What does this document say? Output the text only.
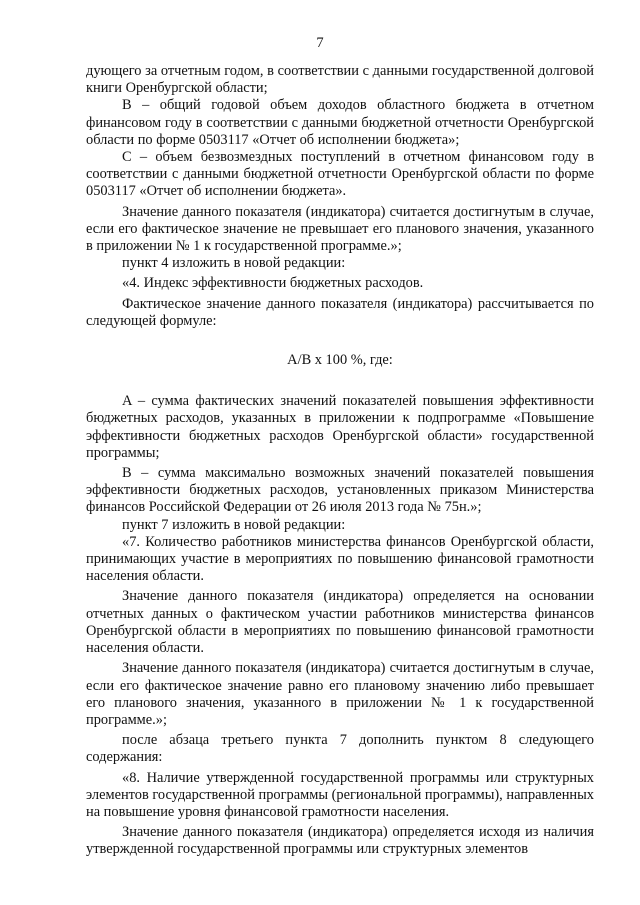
7

дующего за отчетным годом, в соответствии с данными государственной долговой книги Оренбургской области;

B – общий годовой объем доходов областного бюджета в отчетном финансовом году в соответствии с данными бюджетной отчетности Оренбургской области по форме 0503117 «Отчет об исполнении бюджета»;

C – объем безвозмездных поступлений в отчетном финансовом году в соответствии с данными бюджетной отчетности Оренбургской области по форме 0503117 «Отчет об исполнении бюджета».

Значение данного показателя (индикатора) считается достигнутым в случае, если его фактическое значение не превышает его планового значения, указанного в приложении № 1 к государственной программе.»;

пункт 4 изложить в новой редакции:

«4. Индекс эффективности бюджетных расходов.

Фактическое значение данного показателя (индикатора) рассчитывается по следующей формуле:

A/B x 100 %, где:

A – сумма фактических значений показателей повышения эффективности бюджетных расходов, указанных в приложении к подпрограмме «Повышение эффективности бюджетных расходов Оренбургской области» государственной программы;

B – сумма максимально возможных значений показателей повышения эффективности бюджетных расходов, установленных приказом Министерства финансов Российской Федерации от 26 июля 2013 года № 75н.»;

пункт 7 изложить в новой редакции:

«7. Количество работников министерства финансов Оренбургской области, принимающих участие в мероприятиях по повышению финансовой грамотности населения области.

Значение данного показателя (индикатора) определяется на основании отчетных данных о фактическом участии работников министерства финансов Оренбургской области в мероприятиях по повышению финансовой грамотности населения области.

Значение данного показателя (индикатора) считается достигнутым в случае, если его фактическое значение равно его плановому значению либо превышает его планового значения, указанного в приложении № 1 к государственной программе.»;

после абзаца третьего пункта 7 дополнить пунктом 8 следующего содержания:

«8. Наличие утвержденной государственной программы или структурных элементов государственной программы (региональной программы), направленных на повышение уровня финансовой грамотности населения.

Значение данного показателя (индикатора) определяется исходя из наличия утвержденной государственной программы или структурных элементов
